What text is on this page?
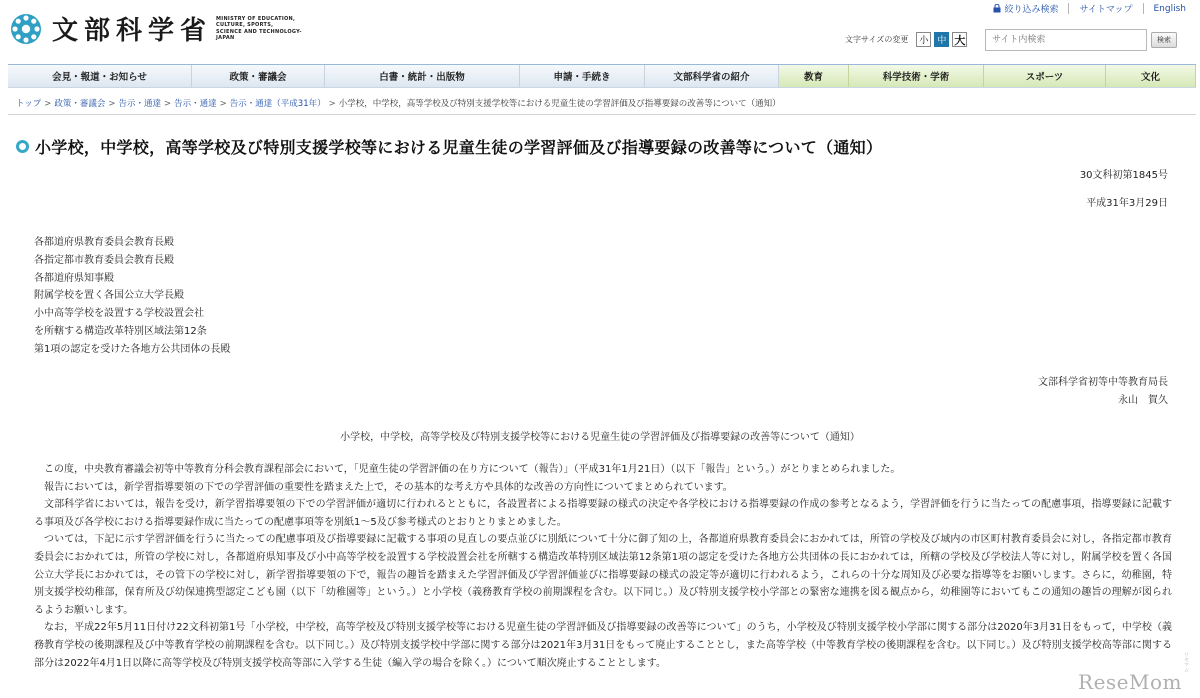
文部科学省 MINISTRY OF EDUCATION,
CULTURE, SPORTS,
SCIENCE AND TECHNOLOGY-JAPAN
絞り込み検索 サイトマップ English
文字サイズの変更	小 中 大
サイト内検索	検索
会見・報道・お知らせ	政策・審議会	白書・統計・出版物	申請・手続き	文部科学省の紹介	教育	科学技術・学術	スポーツ	文化
トップ > 政策・審議会 > 告示・通達 > 告示・通達 > 告示・通達（平成31年） > 小学校，中学校，高等学校及び特別支援学校等における児童生徒の学習評価及び指導要録の改善等について（通知）
小学校，中学校，高等学校及び特別支援学校等における児童生徒の学習評価及び指導要録の改善等について（通知）
30文科初第1845号
平成31年3月29日
各都道府県教育委員会教育長殿
各指定都市教育委員会教育長殿
各都道府県知事殿
附属学校を置く各国公立大学長殿
小中高等学校を設置する学校設置会社
を所轄する構造改革特別区域法第12条
第1項の認定を受けた各地方公共団体の長殿
文部科学省初等中等教育局長
永山　賀久
小学校，中学校，高等学校及び特別支援学校等における児童生徒の学習評価及び指導要録の改善等について（通知）

この度，中央教育審議会初等中等教育分科会教育課程部会において，「児童生徒の学習評価の在り方について（報告）」（平成31年1月21日）（以下「報告」という。）がとりまとめられました。

報告においては，新学習指導要領の下での学習評価の重要性を踏まえた上で，その基本的な考え方や具体的な改善の方向性についてまとめられています。

文部科学省においては，報告を受け，新学習指導要領の下での学習評価が適切に行われるとともに，各設置者による指導要録の様式の決定や各学校における指導要録の作成の参考となるよう，学習評価を行うに当たっての配慮事項，指導要録に記載する事項及び各学校における指導要録作成に当たっての配慮事項等を別紙1～5及び参考様式のとおりとりまとめました。

ついては，下記に示す学習評価を行うに当たっての配慮事項及び指導要録に記載する事項の見直しの要点並びに別紙について十分に御了知の上，各都道府県教育委員会におかれては，所管の学校及び域内の市区町村教育委員会に対し，各指定都市教育委員会におかれては，所管の学校に対し，各都道府県知事及び小中高等学校を設置する学校設置会社を所轄する構造改革特別区域法第12条第1項の認定を受けた各地方公共団体の長におかれては，所轄の学校及び学校法人等に対し，附属学校を置く各国公立大学長におかれては，その管下の学校に対し，新学習指導要領の下で，報告の趣旨を踏まえた学習評価及び学習評価並びに指導要録の様式の設定等が適切に行われるよう，これらの十分な周知及び必要な指導等をお願いします。さらに，幼稚園，特別支援学校幼稚部，保育所及び幼保連携型認定こども園（以下「幼稚園等」という。）と小学校（義務教育学校の前期課程を含む。以下同じ。）及び特別支援学校小学部との緊密な連携を図る観点から，幼稚園等においてもこの通知の趣旨の理解が図られるようお願いします。

なお，平成22年5月11日付け22文科初第1号「小学校，中学校，高等学校及び特別支援学校等における児童生徒の学習評価及び指導要録の改善等について」のうち，小学校及び特別支援学校小学部に関する部分は2020年3月31日をもって，中学校（義務教育学校の後期課程及び中等教育学校の前期課程を含む。以下同じ。）及び特別支援学校中学部に関する部分は2021年3月31日をもって廃止することとし，また高等学校（中等教育学校の後期課程を含む。以下同じ。）及び特別支援学校高等部に関する部分は2022年4月1日以降に高等学校及び特別支援学校高等部に入学する生徒（編入学の場合を除く。）について順次廃止することとします。	リセマム
ReseMom
